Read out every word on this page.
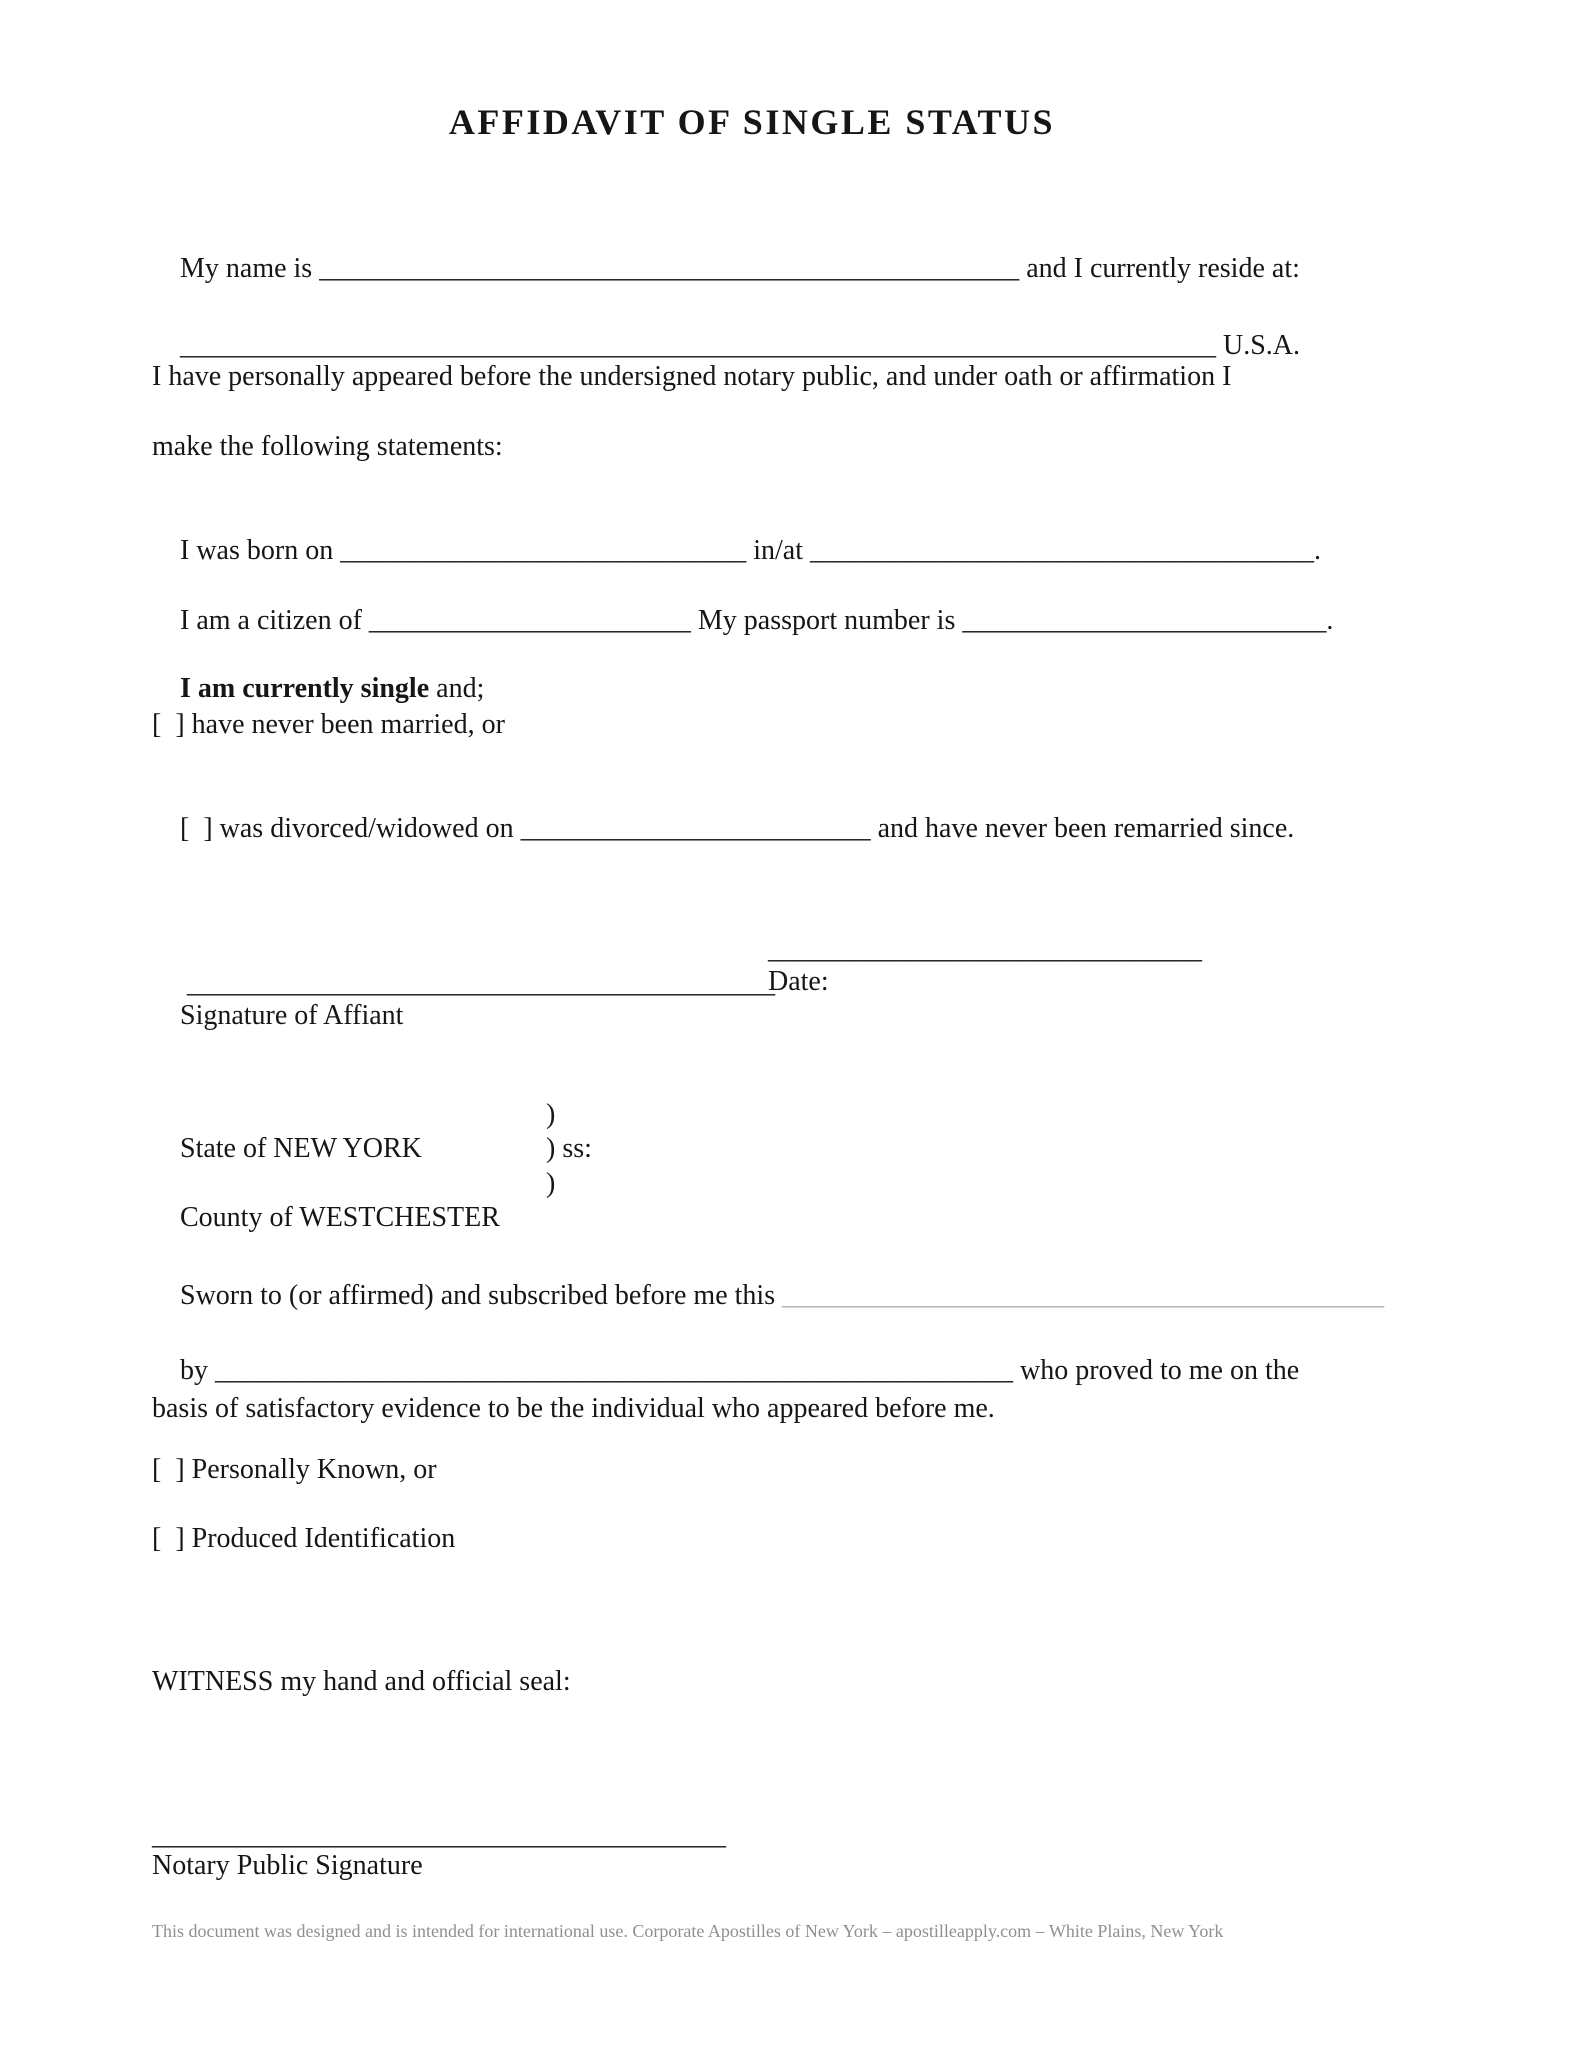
AFFIDAVIT OF SINGLE STATUS

My name is __________________________________________________ and I currently reside at:

__________________________________________________________________________ U.S.A.

I have personally appeared before the undersigned notary public, and under oath or affirmation I
make the following statements:

I was born on _____________________________ in/at ____________________________________.

I am a citizen of _______________________ My passport number is __________________________.

I am currently single and;

[  ] have never been married, or

[  ] was divorced/widowed on _________________________ and have never been remarried since.

__________________________________________

_______________________________

Signature of Affiant

Date:

State of NEW YORK

)

) ss:

County of WESTCHESTER

)

Sworn to (or affirmed) and subscribed before me this ___________________________________________

by _________________________________________________________ who proved to me on the

basis of satisfactory evidence to be the individual who appeared before me.
[  ] Personally Known, or
[  ] Produced Identification
WITNESS my hand and official seal:
_________________________________________
Notary Public Signature
This document was designed and is intended for international use. Corporate Apostilles of New York – apostilleapply.com – White Plains, New York
